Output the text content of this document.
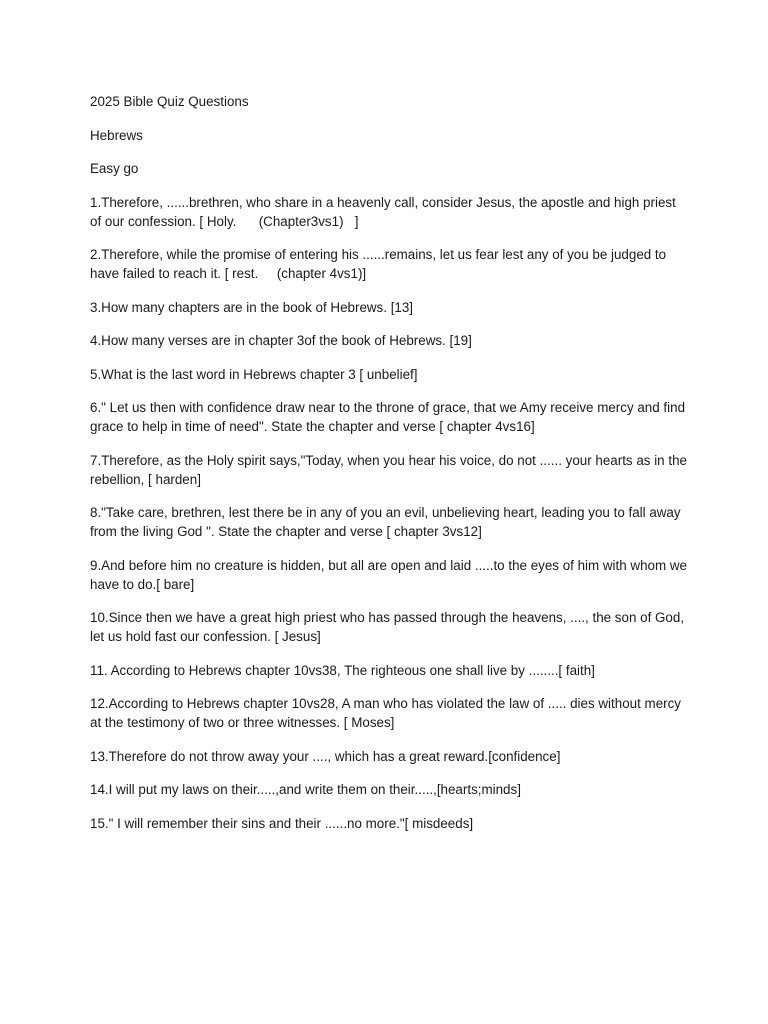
2025 Bible Quiz Questions

Hebrews

Easy go

1.Therefore, ......brethren, who share in a heavenly call, consider Jesus, the apostle and high priest of our confession. [ Holy.      (Chapter3vs1)   ]

2.Therefore, while the promise of entering his ......remains, let us fear lest any of you be judged to have failed to reach it. [ rest.     (chapter 4vs1)]

3.How many chapters are in the book of Hebrews. [13]

4.How many verses are in chapter 3of the book of Hebrews. [19]

5.What is the last word in Hebrews chapter 3 [ unbelief]

6." Let us then with confidence draw near to the throne of grace, that we Amy receive mercy and find grace to help in time of need". State the chapter and verse [ chapter 4vs16]

7.Therefore, as the Holy spirit says,"Today, when you hear his voice, do not ...... your hearts as in the rebellion, [ harden]

8."Take care, brethren, lest there be in any of you an evil, unbelieving heart, leading you to fall away from the living God ". State the chapter and verse [ chapter 3vs12]

9.And before him no creature is hidden, but all are open and laid .....to the eyes of him with whom we have to do.[ bare]

10.Since then we have a great high priest who has passed through the heavens, ...., the son of God, let us hold fast our confession. [ Jesus]

11. According to Hebrews chapter 10vs38, The righteous one shall live by ........[ faith]

12.According to Hebrews chapter 10vs28, A man who has violated the law of ..... dies without mercy at the testimony of two or three witnesses. [ Moses]

13.Therefore do not throw away your ...., which has a great reward.[confidence]

14.I will put my laws on their.....,and write them on their.....,[hearts;minds]

15." I will remember their sins and their ......no more."[ misdeeds]
